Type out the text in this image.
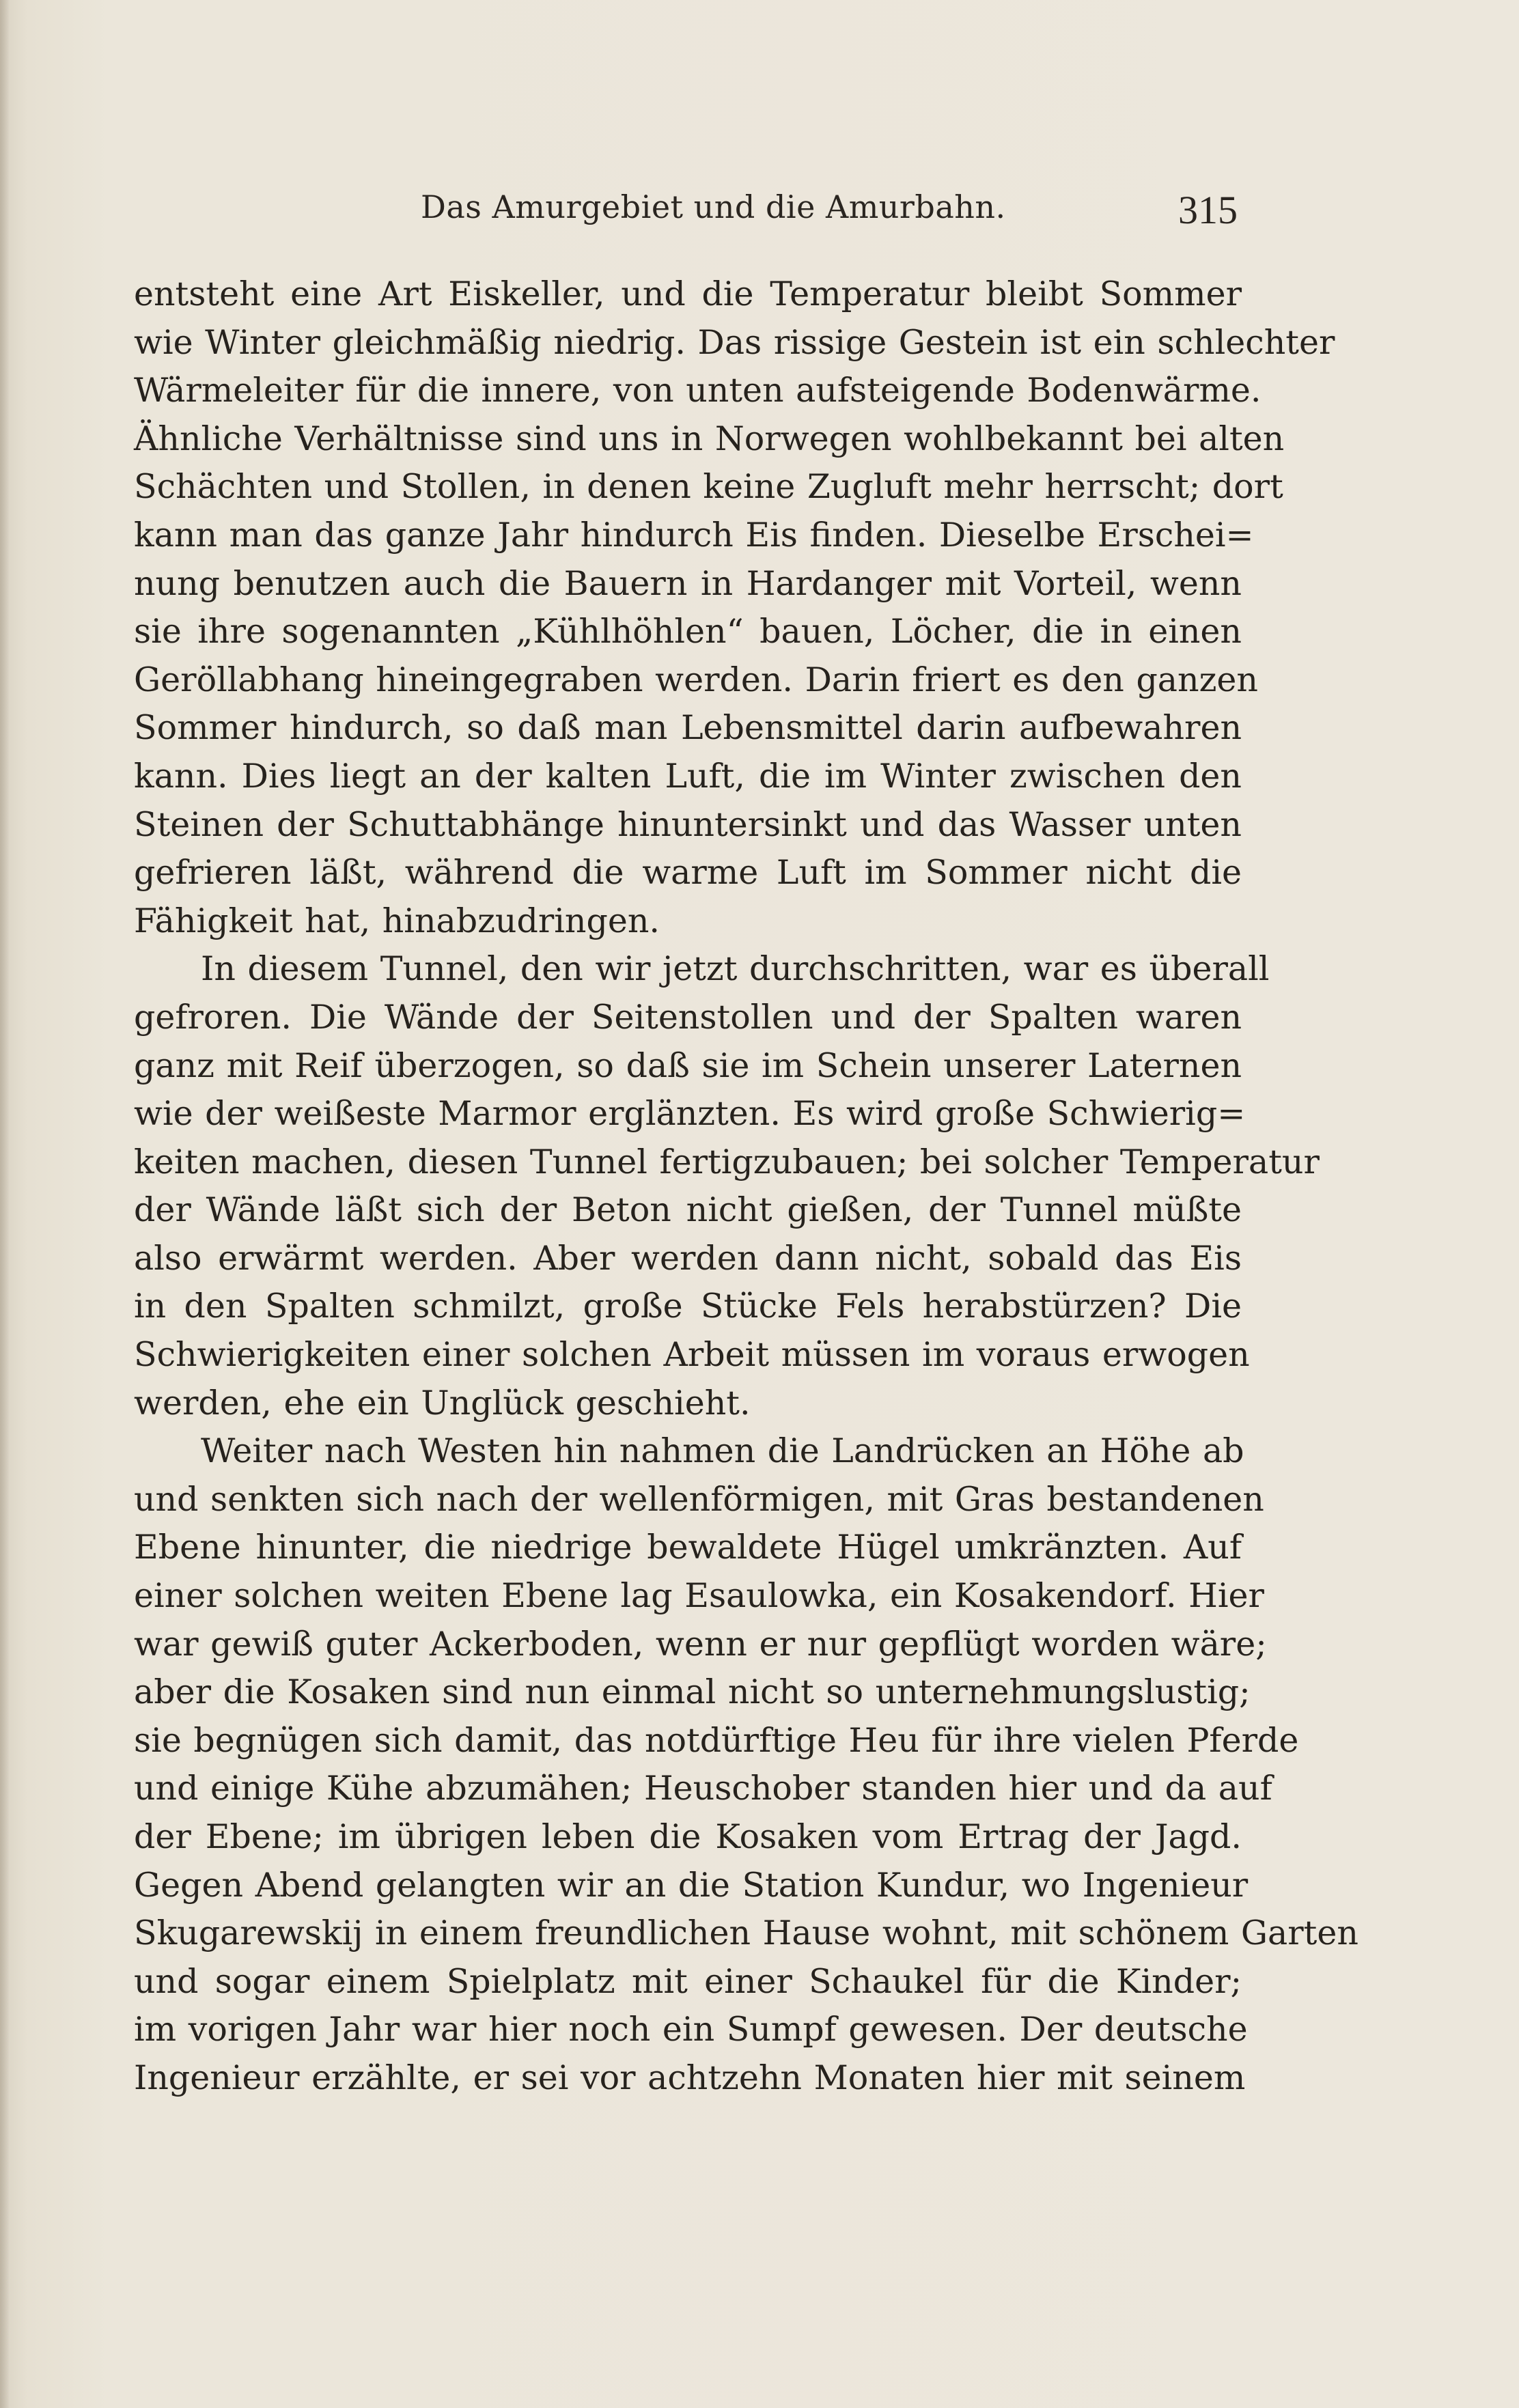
Das Amurgebiet und die Amurbahn.	315

entsteht eine Art Eiskeller, und die Temperatur bleibt Sommer
wie Winter gleichmäßig niedrig. Das rissige Gestein ist ein schlechter
Wärmeleiter für die innere, von unten aufsteigende Bodenwärme.
Ähnliche Verhältnisse sind uns in Norwegen wohlbekannt bei alten
Schächten und Stollen, in denen keine Zugluft mehr herrscht; dort
kann man das ganze Jahr hindurch Eis finden. Dieselbe Erschei=
nung benutzen auch die Bauern in Hardanger mit Vorteil, wenn
sie ihre sogenannten „Kühlhöhlen“ bauen, Löcher, die in einen
Geröllabhang hineingegraben werden. Darin friert es den ganzen
Sommer hindurch, so daß man Lebensmittel darin aufbewahren
kann. Dies liegt an der kalten Luft, die im Winter zwischen den
Steinen der Schuttabhänge hinuntersinkt und das Wasser unten
gefrieren läßt, während die warme Luft im Sommer nicht die
Fähigkeit hat, hinabzudringen.

In diesem Tunnel, den wir jetzt durchschritten, war es überall
gefroren. Die Wände der Seitenstollen und der Spalten waren
ganz mit Reif überzogen, so daß sie im Schein unserer Laternen
wie der weißeste Marmor erglänzten. Es wird große Schwierig=
keiten machen, diesen Tunnel fertigzubauen; bei solcher Temperatur
der Wände läßt sich der Beton nicht gießen, der Tunnel müßte
also erwärmt werden. Aber werden dann nicht, sobald das Eis
in den Spalten schmilzt, große Stücke Fels herabstürzen? Die
Schwierigkeiten einer solchen Arbeit müssen im voraus erwogen
werden, ehe ein Unglück geschieht.

Weiter nach Westen hin nahmen die Landrücken an Höhe ab
und senkten sich nach der wellenförmigen, mit Gras bestandenen
Ebene hinunter, die niedrige bewaldete Hügel umkränzten. Auf
einer solchen weiten Ebene lag Esaulowka, ein Kosakendorf. Hier
war gewiß guter Ackerboden, wenn er nur gepflügt worden wäre;
aber die Kosaken sind nun einmal nicht so unternehmungslustig;
sie begnügen sich damit, das notdürftige Heu für ihre vielen Pferde
und einige Kühe abzumähen; Heuschober standen hier und da auf
der Ebene; im übrigen leben die Kosaken vom Ertrag der Jagd.
Gegen Abend gelangten wir an die Station Kundur, wo Ingenieur
Skugarewskij in einem freundlichen Hause wohnt, mit schönem Garten
und sogar einem Spielplatz mit einer Schaukel für die Kinder;
im vorigen Jahr war hier noch ein Sumpf gewesen. Der deutsche
Ingenieur erzählte, er sei vor achtzehn Monaten hier mit seinem
